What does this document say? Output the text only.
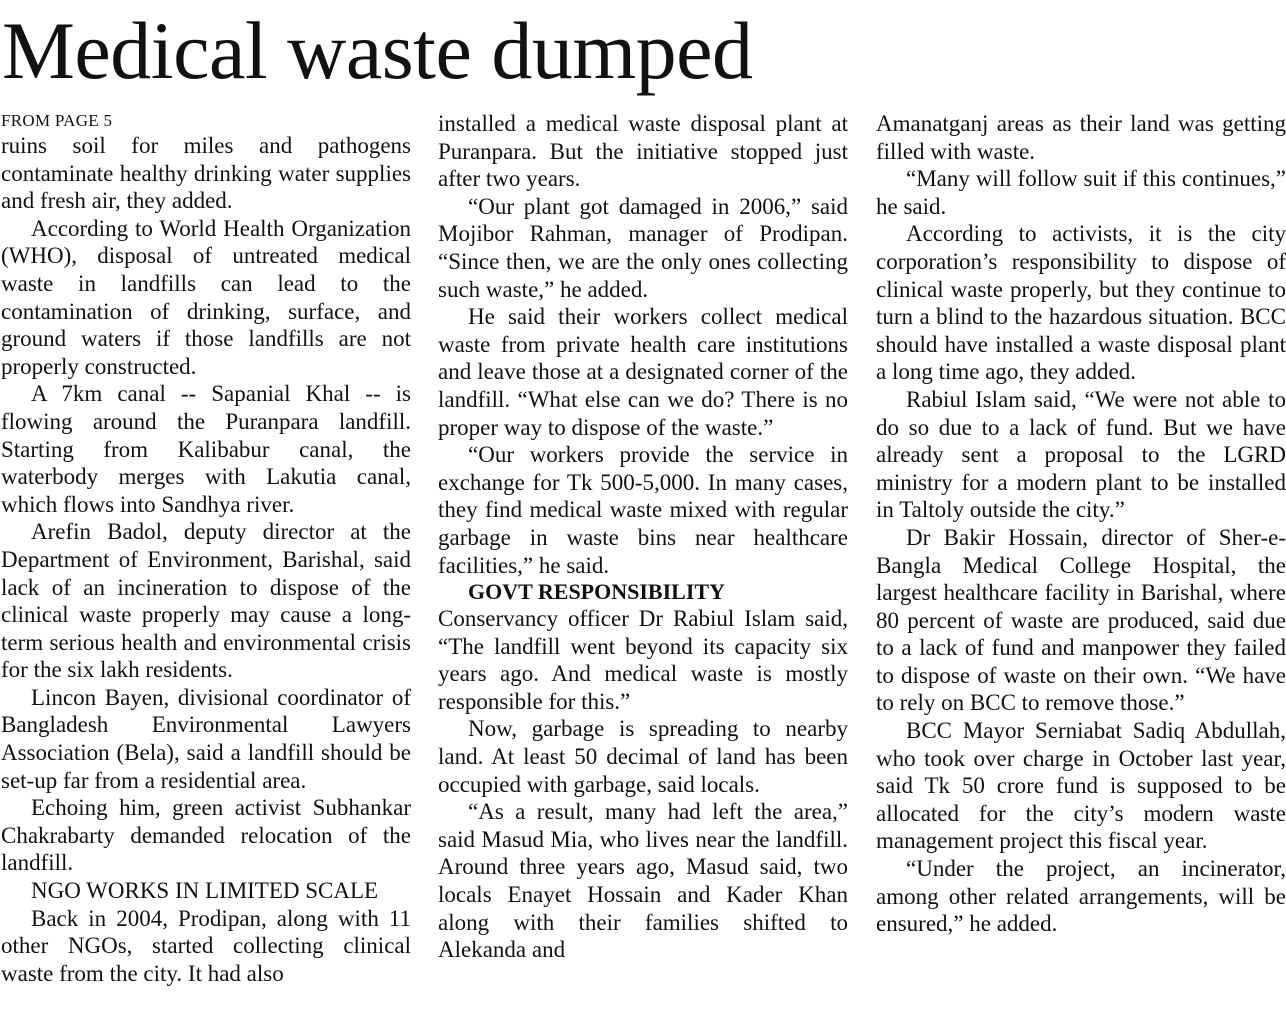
Medical waste dumped
FROM PAGE 5

ruins soil for miles and pathogens contaminate healthy drinking water supplies and fresh air, they added.

According to World Health Organization (WHO), disposal of untreated medical waste in landfills can lead to the contamination of drinking, surface, and ground waters if those landfills are not properly constructed.

A 7km canal -- Sapanial Khal -- is flowing around the Puranpara landfill. Starting from Kalibabur canal, the waterbody merges with Lakutia canal, which flows into Sandhya river.

Arefin Badol, deputy director at the Department of Environment, Barishal, said lack of an incineration to dispose of the clinical waste properly may cause a long-term serious health and environmental crisis for the six lakh residents.

Lincon Bayen, divisional coordinator of Bangladesh Environmental Lawyers Association (Bela), said a landfill should be set-up far from a residential area.

Echoing him, green activist Subhankar Chakrabarty demanded relocation of the landfill.

NGO WORKS IN LIMITED SCALE

Back in 2004, Prodipan, along with 11 other NGOs, started collecting clinical waste from the city. It had also

installed a medical waste disposal plant at Puranpara. But the initiative stopped just after two years.

“Our plant got damaged in 2006,” said Mojibor Rahman, manager of Prodipan. “Since then, we are the only ones collecting such waste,” he added.

He said their workers collect medical waste from private health care institutions and leave those at a designated corner of the landfill. “What else can we do? There is no proper way to dispose of the waste.”

“Our workers provide the service in exchange for Tk 500-5,000. In many cases, they find medical waste mixed with regular garbage in waste bins near healthcare facilities,” he said.

GOVT RESPONSIBILITY

Conservancy officer Dr Rabiul Islam said, “The landfill went beyond its capacity six years ago. And medical waste is mostly responsible for this.”

Now, garbage is spreading to nearby land. At least 50 decimal of land has been occupied with garbage, said locals.

“As a result, many had left the area,” said Masud Mia, who lives near the landfill. Around three years ago, Masud said, two locals Enayet Hossain and Kader Khan along with their families shifted to Alekanda and

Amanatganj areas as their land was getting filled with waste.

“Many will follow suit if this continues,” he said.

According to activists, it is the city corporation’s responsibility to dispose of clinical waste properly, but they continue to turn a blind to the hazardous situation. BCC should have installed a waste disposal plant a long time ago, they added.

Rabiul Islam said, “We were not able to do so due to a lack of fund. But we have already sent a proposal to the LGRD ministry for a modern plant to be installed in Taltoly outside the city.”

Dr Bakir Hossain, director of Sher-e-Bangla Medical College Hospital, the largest healthcare facility in Barishal, where 80 percent of waste are produced, said due to a lack of fund and manpower they failed to dispose of waste on their own. “We have to rely on BCC to remove those.”

BCC Mayor Serniabat Sadiq Abdullah, who took over charge in October last year, said Tk 50 crore fund is supposed to be allocated for the city’s modern waste management project this fiscal year.

“Under the project, an incinerator, among other related arrangements, will be ensured,” he added.
